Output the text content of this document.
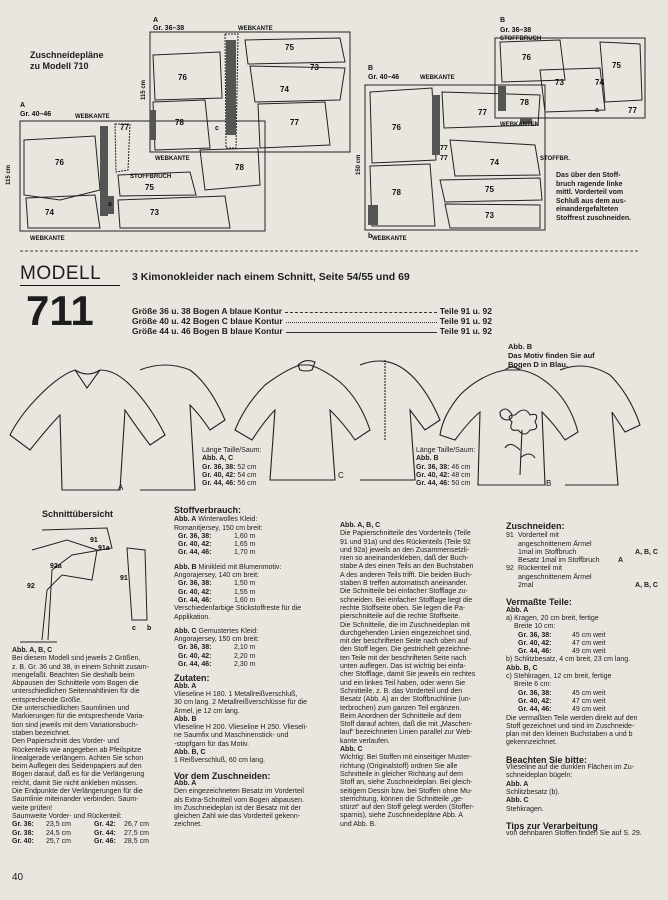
Zuschneidepläne
zu Modell 710
A
Gr. 40–46	WEBKANTE
STOFFBRUCH
WEBKANTE
76
74
75
73
78
77
a
115 cm
A
Gr. 36–38	WEBKANTE
WEBKANTE
75
73
76
74
78	77
c
115 cm
B
Gr. 40–46	WEBKANTE
WEBKANTE
76
77
77
77
78
74
75
73
b
150 cm	STOFFBR.
B
Gr. 36–38
STOFFBRUCH
WEBKANTEN
76
75
73	74
78
77
a
Das über den Stoff-
bruch ragende linke
mittl. Vorderteil vom
Schluß aus dem aus-
einandergefalteten
Stoffrest zuschneiden.
MODELL
711
3 Kimonokleider nach einem Schnitt, Seite 54/55 und 69
Größe 36 u. 38 Bogen A blaue Kontur	Teile 91 u. 92
Größe 40 u. 42 Bogen C blaue Kontur	Teile 91 u. 92
Größe 44 u. 46 Bogen B blaue Kontur	Teile 91 u. 92
A
C
B
Abb. B
Das Motiv finden Sie auf
Bogen D in Blau.
Länge Taille/Saum:
Abb. A, C
Gr. 36, 38: 52 cm
Gr. 40, 42: 54 cm
Gr. 44, 46: 56 cm
Länge Taille/Saum:
Abb. B
Gr. 36, 38: 46 cm
Gr. 40, 42: 48 cm
Gr. 44, 46: 50 cm
Schnittübersicht
91
91a
92
92a
91
c b
Abb. A, B, C
Bei diesem Modell sind jeweils 2 Größen,
z. B. Gr. 36 und 38, in einem Schnitt zusam-
mengefaßt. Beachten Sie deshalb beim
Abpausen der Schnitteile vom Bogen die
unterschiedlichen Seitennahtlinien für die
entsprechende Größe.
Die unterschiedlichen Saumlinien und
Markierungen für die entsprechende Varia-
tion sind jeweils mit dem Variationsbuch-
staben bezeichnet.
Den Papierschnitt des Vorder- und
Rückenteils wie angegeben ab Pfeilspitze
linealgerade verlängern. Achten Sie schon
beim Auflegen des Seidenpapiers auf den
Bogen darauf, daß es für die Verlängerung
reicht, damit Sie nicht ankleben müssen.
Die Endpunkte der Verlängerungen für die
Saumlinie miteinander verbinden. Saum-
weite prüfen!
Saumweite Vorder- und Rückenteil:
Gr. 36:	23,5 cm	Gr. 42:	26,7 cm
Gr. 38:	24,5 cm	Gr. 44:	27,5 cm
Gr. 40:	25,7 cm	Gr. 46:	28,5 cm
Stoffverbrauch:
Abb. A Winterwolles Kleid:
Romanitjersey, 150 cm breit:
Gr. 36, 38:	1,60 m
Gr. 40, 42:	1,65 m
Gr. 44, 46:	1,70 m
Abb. B Minikleid mit Blumenmotiv:
Angorajersey, 140 cm breit:
Gr. 36, 38:	1,50 m
Gr. 40, 42:	1,55 m
Gr. 44, 46:	1,60 m
Verschiedenfarbige Stickstoffreste für die
Applikation.
Abb. C Gemustertes Kleid:
Angorajersey, 150 cm breit:
Gr. 36, 38:	2,10 m
Gr. 40, 42:	2,20 m
Gr. 44, 46:	2,30 m
Zutaten:
Abb. A
Vlieseline H 180. 1 Metallreißverschluß,
30 cm lang. 2 Metallreißverschlüsse für die
Ärmel, je 12 cm lang.
Abb. B
Vlieseline H 200. Vlieseline H 250. Vlieseli-
ne Saumfix und Maschinenstick- und
-stopfgarn für das Motiv.
Abb. B, C
1 Reißverschluß, 60 cm lang.
Vor dem Zuschneiden:
Abb. A
Den eingezeichneten Besatz im Vorderteil
als Extra-Schnitteil vom Bogen abpausen.
Im Zuschneideplan ist der Besatz mit der
gleichen Zahl wie das Vorderteil gekenn-
zeichnet.
Abb. A, B, C
Die Papierschnitteile des Vorderteils (Teile
91 und 91a) und des Rückenteils (Teile 92
und 92a) jeweils an den Zusammensetzli-
nien so aneinanderkleben, daß der Buch-
stabe A des einen Teils an den Buchstaben
A des anderen Teils trifft. Die beiden Buch-
staben B treffen automatisch aneinander.
Die Schnitteile bei einfacher Stofflage zu-
schneiden. Bei einfacher Stofflage liegt die
rechte Stoffseite oben. Sie legen die Pa-
pierschnitteile auf die rechte Stoffseite.
Die Schnitteile, die im Zuschneideplan mit
durchgehenden Linien eingezeichnet sind,
mit der beschrifteten Seite nach oben auf
den Stoff legen. Die gestrichelt gezeichne-
ten Teile mit der beschrifteten Seite nach
unten auflegen. Das ist wichtig bei einfa-
cher Stofflage, damit Sie jeweils ein rechtes
und ein linkes Teil haben, oder wenn Sie
Schnitteile, z. B. das Vorderteil und den
Besatz (Abb. A) an der Stoffbruchlinie (un-
terbrochen) zum ganzen Teil ergänzen.
Beim Anordnen der Schnitteile auf dem
Stoff darauf achten, daß die mit „Maschen-
lauf“ bezeichneten Linien parallel zur Web-
kante verlaufen.
Abb. C
Wichtig: Bei Stoffen mit einseitiger Muster-
richtung (Originalstoff) ordnen Sie alle
Schnitteile in gleicher Richtung auf dem
Stoff an, siehe Zuschneideplan. Bei gleich-
seitigem Dessin bzw. bei Stoffen ohne Mu-
sterrichtung, können die Schnitteile „ge-
stürzt“ auf den Stoff gelegt werden (Stoffer-
sparnis), siehe Zuschneidepläne Abb. A
und Abb. B.
Zuschneiden:
91 Vorderteil mit
angeschnittenem Ärmel
1mal im Stoffbruch	A, B, C
Besatz 1mal im Stoffbruch	A
92 Rückenteil mit
angeschnittenem Ärmel
2mal	A, B, C
Vermaßte Teile:
Abb. A
a) Kragen, 20 cm breit, fertige
Breite 10 cm:
Gr. 36, 38:	45 cm weit
Gr. 40, 42:	47 cm weit
Gr. 44, 46:	49 cm weit
b) Schlitzbesatz, 4 cm breit, 23 cm lang.
Abb. B, C
c) Stehkragen, 12 cm breit, fertige
Breite 6 cm:
Gr. 36, 38:	45 cm weit
Gr. 40, 42:	47 cm weit
Gr. 44, 46:	49 cm weit
Die vermaßten Teile werden direkt auf den
Stoff gezeichnet und sind im Zuschneide-
plan mit den kleinen Buchstaben a und b
gekennzeichnet.
Beachten Sie bitte:
Vlieseline auf die dunklen Flächen im Zu-
schneideplan bügeln:
Abb. A
Schlitzbesatz (b).
Abb. C
Stehkragen.
Tips zur Verarbeitung
von dehnbaren Stoffen finden Sie auf S. 29.
40
